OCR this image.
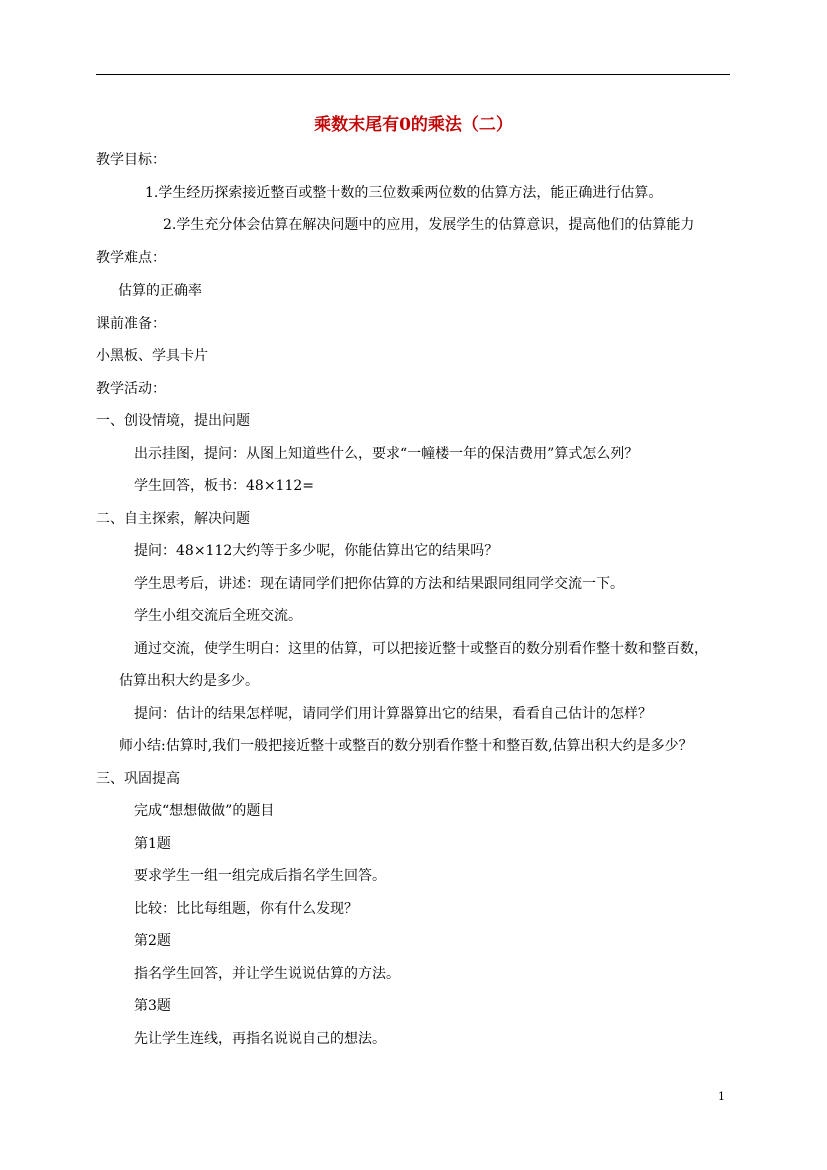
乘数末尾有0的乘法（二）
教学目标：
1.学生经历探索接近整百或整十数的三位数乘两位数的估算方法，能正确进行估算。
2.学生充分体会估算在解决问题中的应用，发展学生的估算意识，提高他们的估算能力
教学难点：
估算的正确率
课前准备：
小黑板、学具卡片
教学活动：
一、创设情境，提出问题
出示挂图，提问：从图上知道些什么，要求“一幢楼一年的保洁费用”算式怎么列？
学生回答，板书：48×112=
二、自主探索，解决问题
提问：48×112大约等于多少呢，你能估算出它的结果吗？
学生思考后，讲述：现在请同学们把你估算的方法和结果跟同组同学交流一下。
学生小组交流后全班交流。
通过交流，使学生明白：这里的估算，可以把接近整十或整百的数分别看作整十数和整百数，
估算出积大约是多少。
提问：估计的结果怎样呢，请同学们用计算器算出它的结果，看看自己估计的怎样？
师小结:估算时,我们一般把接近整十或整百的数分别看作整十和整百数,估算出积大约是多少？
三、巩固提高
完成“想想做做”的题目
第1题
要求学生一组一组完成后指名学生回答。
比较：比比每组题，你有什么发现？
第2题
指名学生回答，并让学生说说估算的方法。
第3题
先让学生连线，再指名说说自己的想法。
1
